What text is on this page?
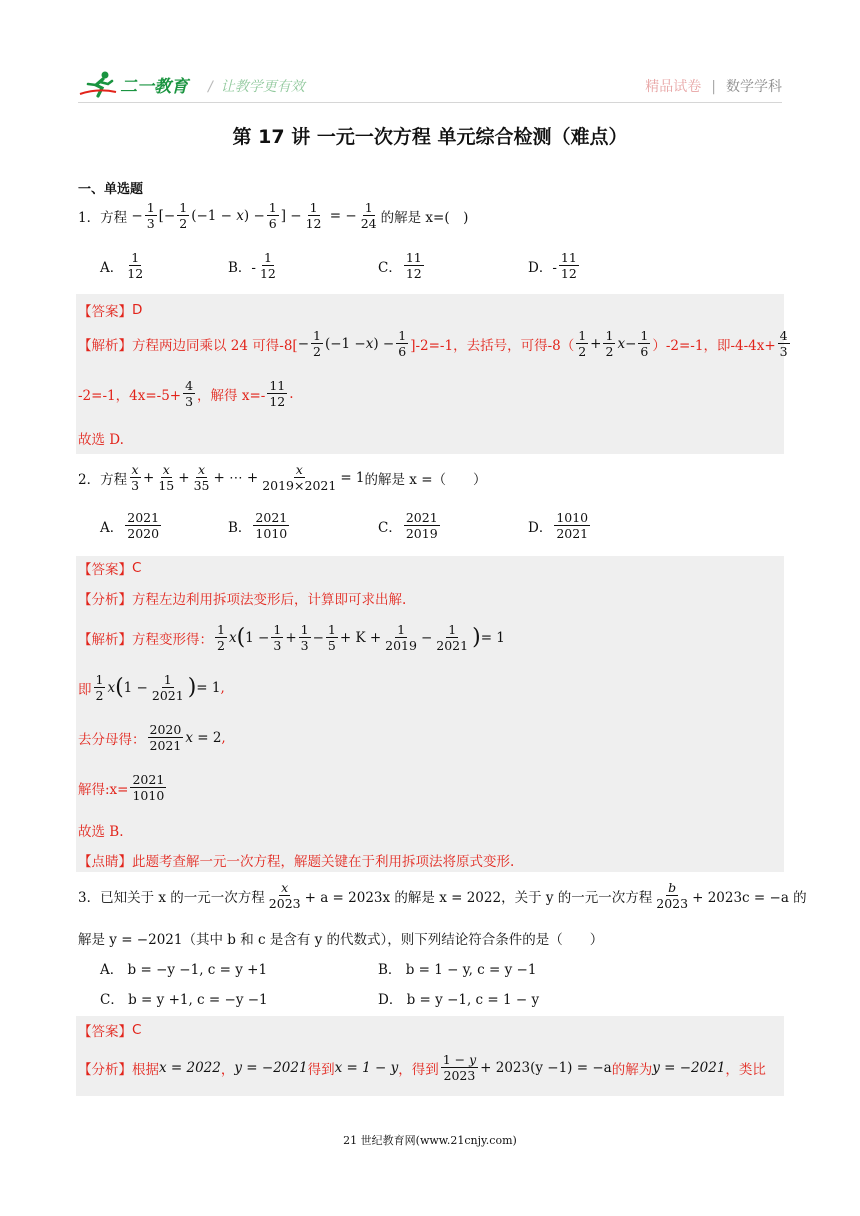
二一教育 / 让教学更有效	精品试卷 | 数学学科
第 17 讲 一元一次方程 单元综合检测（难点）
一、单选题
1．方程 − $\frac{1}{3}$ [− $\frac{1}{2} (-1 - x) - \frac{1}{6}$ ] − $\frac{1}{12}$ = − $\frac{1}{24}$ 的解是 x=(　)
A． $\frac{1}{12}$	B．- $\frac{1}{12}$	C． $\frac{11}{12}$	D．- $\frac{11}{12}$
【答案】 D
【解析】 方程两边同乘以 24 可得$-8[ - \frac{1}{2} (-1 - x$ ) − $\frac{1}{6} ]-2=-1$，去括号，可得$-8( \frac{1}{2} + \frac{1}{2}$ $x - \frac{1}{6} )-2=-1$，即$-4-4x+ \frac{4}{3}$
-2=-1，$4x=-5+ \frac{4}{3}$ ，解得 $x=- \frac{11}{12}$ .
故选 D.
2．方程 $\frac{x}{3} + \frac{x}{15} + \frac{x}{35}$ + ⋯ + $\frac{x}{2019\times 2021} = 1$ 的解是 x =（　　）
A． $\frac{2021}{2020}$	B． $\frac{2021}{1010}$	C． $\frac{2021}{2019}$	D． $\frac{1010}{2021}$
【答案】 C
【分析】 方程左边利用拆项法变形后，计算即可求出解.
【解析】 方程变形得： $\frac{1}{2}$ x ( $1 - \frac{1}{3} + \frac{1}{3} - \frac{1}{5} + K + \frac{1}{2019} - \frac{1}{2021}$ ) = 1
即 $\frac{1}{2}$ x ( $1 - \frac{1}{2021}$ ) = 1 ,
去分母得： $\frac{2020}{2021}$ x = 2 ,
解得:x= $\frac{2021}{1010}$
故选 B.
【点睛】 此题考查解一元一次方程，解题关键在于利用拆项法将原式变形.
3．已知关于 x 的一元一次方程 $\frac{x}{2023} + a = 2023x$ 的解是 x = 2022，关于 y 的一元一次方程 $\frac{b}{2023} + 2023c = -a$ 的
解是 y = −2021（其中 b 和 c 是含有 y 的代数式），则下列结论符合条件的是（　　）
A． b = −y −1, c = y +1	B． b = 1 − y, c = y −1
C． b = y +1, c = −y −1	D． b = y −1, c = 1 − y
【答案】 C
【分析】 根据 x = 2022 ， y = −2021 得到 x = 1 − y ，得到 $\frac{1 - y}{2023} + 2023(y -1) = -a$ 的解为 y = −2021 ，类比
21 世纪教育网(www.21cnjy.com)
